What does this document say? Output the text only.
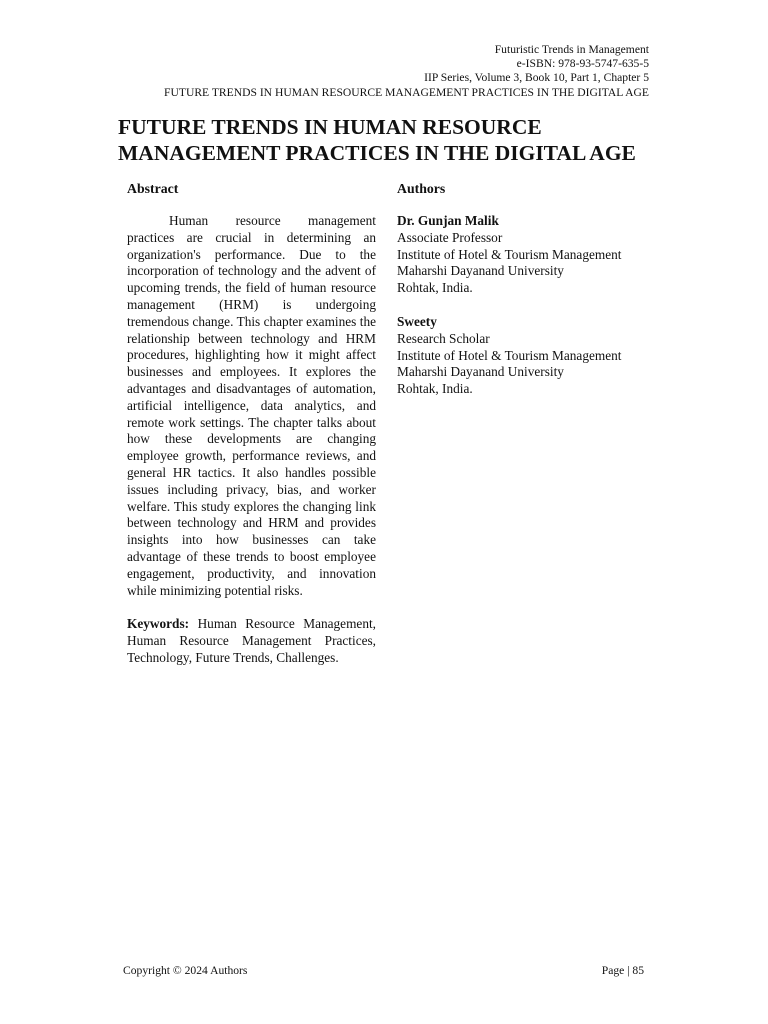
Futuristic Trends in Management
e-ISBN: 978-93-5747-635-5
IIP Series, Volume 3, Book 10, Part 1, Chapter 5
FUTURE TRENDS IN HUMAN RESOURCE MANAGEMENT PRACTICES IN THE DIGITAL AGE
FUTURE TRENDS IN HUMAN RESOURCE
MANAGEMENT PRACTICES IN THE DIGITAL AGE
Abstract

Human resource management practices are crucial in determining an organization's performance. Due to the incorporation of technology and the advent of upcoming trends, the field of human resource management (HRM) is undergoing tremendous change. This chapter examines the relationship between technology and HRM procedures, highlighting how it might affect businesses and employees. It explores the advantages and disadvantages of automation, artificial intelligence, data analytics, and remote work settings. The chapter talks about how these developments are changing employee growth, performance reviews, and general HR tactics. It also handles possible issues including privacy, bias, and worker welfare. This study explores the changing link between technology and HRM and provides insights into how businesses can take advantage of these trends to boost employee engagement, productivity, and innovation while minimizing potential risks.

Keywords: Human Resource Management, Human Resource Management Practices, Technology, Future Trends, Challenges.

Authors
Dr. Gunjan Malik
Associate Professor
Institute of Hotel & Tourism Management
Maharshi Dayanand University
Rohtak, India.
Sweety
Research Scholar
Institute of Hotel & Tourism Management
Maharshi Dayanand University
Rohtak, India.
Copyright © 2024 Authors	Page | 85
